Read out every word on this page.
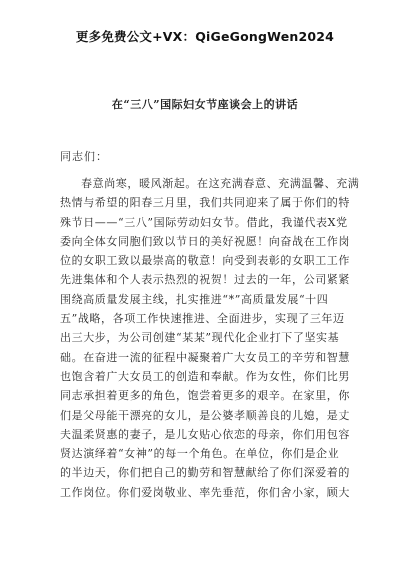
更多免费公文+VX：QiGeGongWen2024
在“三八”国际妇女节座谈会上的讲话
同志们：
春意尚寒，暖风渐起。在这充满春意、充满温馨、充满
热情与希望的阳春三月里，我们共同迎来了属于你们的特
殊节日——“三八”国际劳动妇女节。借此，我谨代表X党
委向全体女同胞们致以节日的美好祝愿！向奋战在工作岗
位的女职工致以最崇高的敬意！向受到表彰的女职工工作
先进集体和个人表示热烈的祝贺！过去的一年，公司紧紧
围绕高质量发展主线，扎实推进“*”高质量发展“十四
五”战略，各项工作快速推进、全面进步，实现了三年迈
出三大步，为公司创建“某某”现代化企业打下了坚实基
础。在奋进一流的征程中凝聚着广大女员工的辛劳和智慧
也饱含着广大女员工的创造和奉献。作为女性，你们比男
同志承担着更多的角色，饱尝着更多的艰辛。在家里，你
们是父母能干漂亮的女儿，是公婆孝顺善良的儿媳，是丈
夫温柔贤惠的妻子，是儿女贴心依恋的母亲，你们用包容
贤达演绎着“女神”的每一个角色。在单位，你们是企业
的半边天，你们把自己的勤劳和智慧献给了你们深爱着的
工作岗位。你们爱岗敬业、率先垂范，你们舍小家，顾大
